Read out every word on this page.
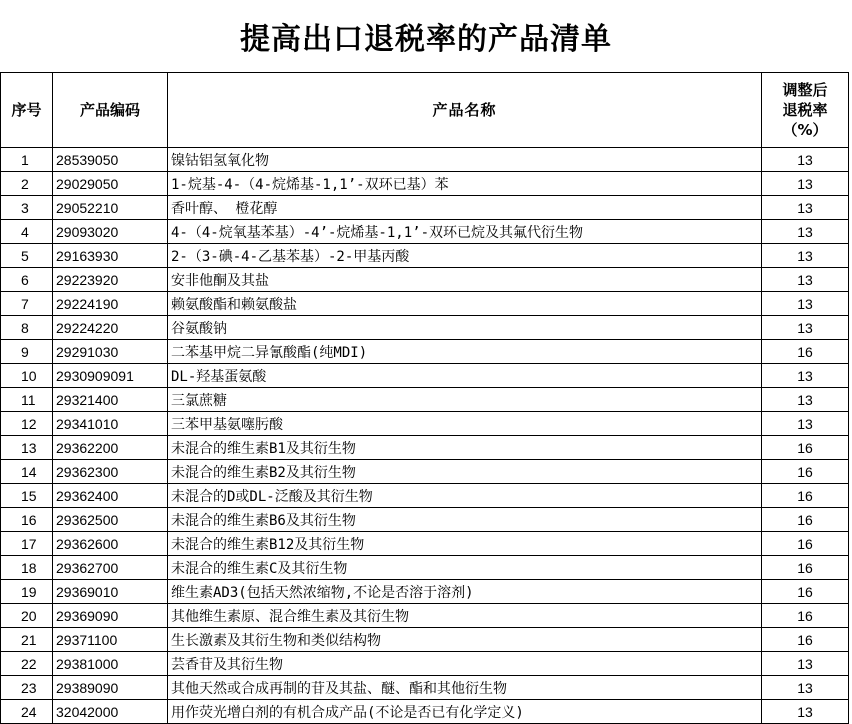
提高出口退税率的产品清单
序号	产品编码	产品名称	调整后
退税率
（%）

1	28539050	镍钴铝氢氧化物	13
2	29029050	1-烷基-4-（4-烷烯基-1,1’-双环已基）苯	13
3	29052210	香叶醇、 橙花醇	13
4	29093020	4-（4-烷氧基苯基）-4’-烷烯基-1,1’-双环已烷及其氟代衍生物	13
5	29163930	2-（3-碘-4-乙基苯基）-2-甲基丙酸	13
6	29223920	安非他酮及其盐	13
7	29224190	赖氨酸酯和赖氨酸盐	13
8	29224220	谷氨酸钠	13
9	29291030	二苯基甲烷二异氰酸酯(纯MDI)	16
10	2930909091	DL-羟基蛋氨酸	13
11	29321400	三氯蔗糖	13
12	29341010	三苯甲基氨噻肟酸	13
13	29362200	未混合的维生素B1及其衍生物	16
14	29362300	未混合的维生素B2及其衍生物	16
15	29362400	未混合的D或DL-泛酸及其衍生物	16
16	29362500	未混合的维生素B6及其衍生物	16
17	29362600	未混合的维生素B12及其衍生物	16
18	29362700	未混合的维生素C及其衍生物	16
19	29369010	维生素AD3(包括天然浓缩物,不论是否溶于溶剂)	16
20	29369090	其他维生素原、混合维生素及其衍生物	16
21	29371100	生长激素及其衍生物和类似结构物	16
22	29381000	芸香苷及其衍生物	13
23	29389090	其他天然或合成再制的苷及其盐、醚、酯和其他衍生物	13
24	32042000	用作荧光增白剂的有机合成产品(不论是否已有化学定义)	13
